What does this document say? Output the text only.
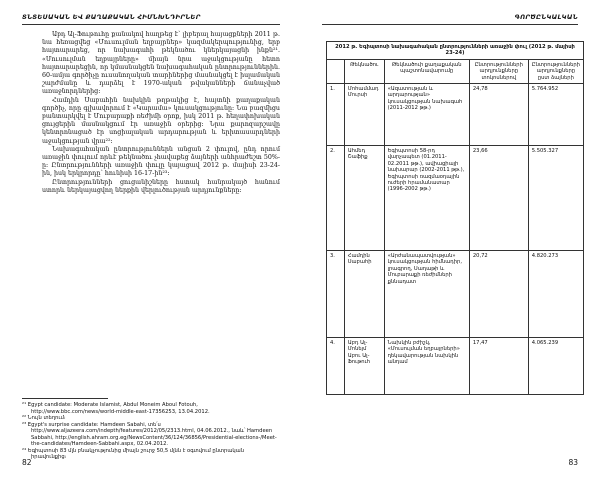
ՏՆՏԵՍԱԿԱՆ ԵՎ ՔԱՂԱՔԱԿԱՆ ՀԻՄՆԽՆԴԻՐՆԵՐ

Աբդ Ալ-Ֆութուհը քանակով հաղթեց է՝ լիբերալ հայացքների 2011 թ. նա հեռացվեց «Մուսուլման եղբայրներ» կազմակերպությունից, երբ հայտարարեց, որ նախագահի թեկնածու կներկայացնի ինքն²¹. «Մուսուլման եղբայրները» միայն նրա աջակցությանը հետո հայտարարեցին, որ կմասնակցեն նախագահական ընտրություններին. 60-ամյա գործիչը ուսանողական տարիներից մասնակցել է իսլամական շարժմանը և դարձել է 1970-ական թվականների ճանաչված առաջնորդներից։

Համդին Սաբահին նախկին թղթակից է, հայտնի քաղաքական գործիչ, որը գլխավորում է «Կարամա» կուսակցությունը։ Նա բազմիցս բանտարկվել է Մուբարաքի ռեժիմի օրոք, իսկ 2011 թ. հեղափոխական ցույցերին մասնակցում էր առաջին օրերից։ Նրա քարոզարշավը կենտրոնացած էր սոցիալական արդարության և երիտասարդների աջակցության վրա²²։

Նախագահական ընտրություններն անցան 2 փուլով, ընդ որում առաջին փուլում որևէ թեկնածու չհավաքեց ձայների անհրաժեշտ 50%-ը։ Ընտրությունների առաջին փուլը կայացավ 2012 թ. մայիսի 23-24-ին, իսկ երկրորդը՝ հունիսի 16-17-ին²³։

Ընտրությունների ցուցանիշները հստակ հանրակայծ հանում ստորև ներկայացվող ներքին վերլուծության արդյունքները։

²¹ Egypt candidate: Moderate Islamist, Abdul Moneim Aboul Fotouh, http://www.bbc.com/news/world-middle-east-17356253, 13.04.2012.

²² Նույն տեղում։

²³ Egypt's surprise candidate: Hamdeen Sabahi, տե՛ս http://www.aljazeera.com/indepth/features/2012/05/2313.html, 04.06.2012., նաև՝ Hamdeen Sabbahi, http://english.ahram.org.eg/NewsContent/36/124/36856/Presidential-elections-/Meet-the-candidates/Hamdeen-Sabbahi.aspx, 02.04.2012.

²⁴ Եգիպտոսի 83 մլն բնակչությունից միայն շուրջ 50,5 մլնն է օգտվում ընտրական իրավունքից։

82
ԳՈՐԾԸՆԿԱԼԿԱՆ
2012 թ. Եգիպտոսի նախագահական ընտրությունների առաջին փուլ (2012 թ. մայիսի 23-24)				
	Թեկնածու	Թեկնածուի քաղաքական պաշտոնավարումը	Ընտրությունների արդյունքները տոկոսներով	Ընտրությունների արդյունքները ըստ ձայների
1.	Մոհամմադ Մուրսի	«Ազատության և արդարության» կուսակցության նախագահ (2011-2012 թթ.)	24,78	5.764.952
2.	Ահմեդ Շաֆիք	Եգիպտոսի 58-րդ վարչապետ (01.2011-02.2011 թթ.), ավիացիայի նախարար (2002-2011 թթ.), Եգիպտոսի ռազմաօդային ուժերի հրամանատար (1996-2002 թթ.)	23,66	5.505.327
3.	Համդին Սաբահի	«Արժանապատվության» կուսակցության հիմնադիր, լրագրող, Սադաթի և Մուբարաքի ռեժիմների քննադատ	20,72	4.820.273
4.	Աբդ Ալ-Մոնեյմ Աբու Ալ-Ֆութուհ	Նախկին բժիշկ, «Մուսուլման եղբայրների» ղեկավարության նախկին անդամ	17,47	4.065.239
83
